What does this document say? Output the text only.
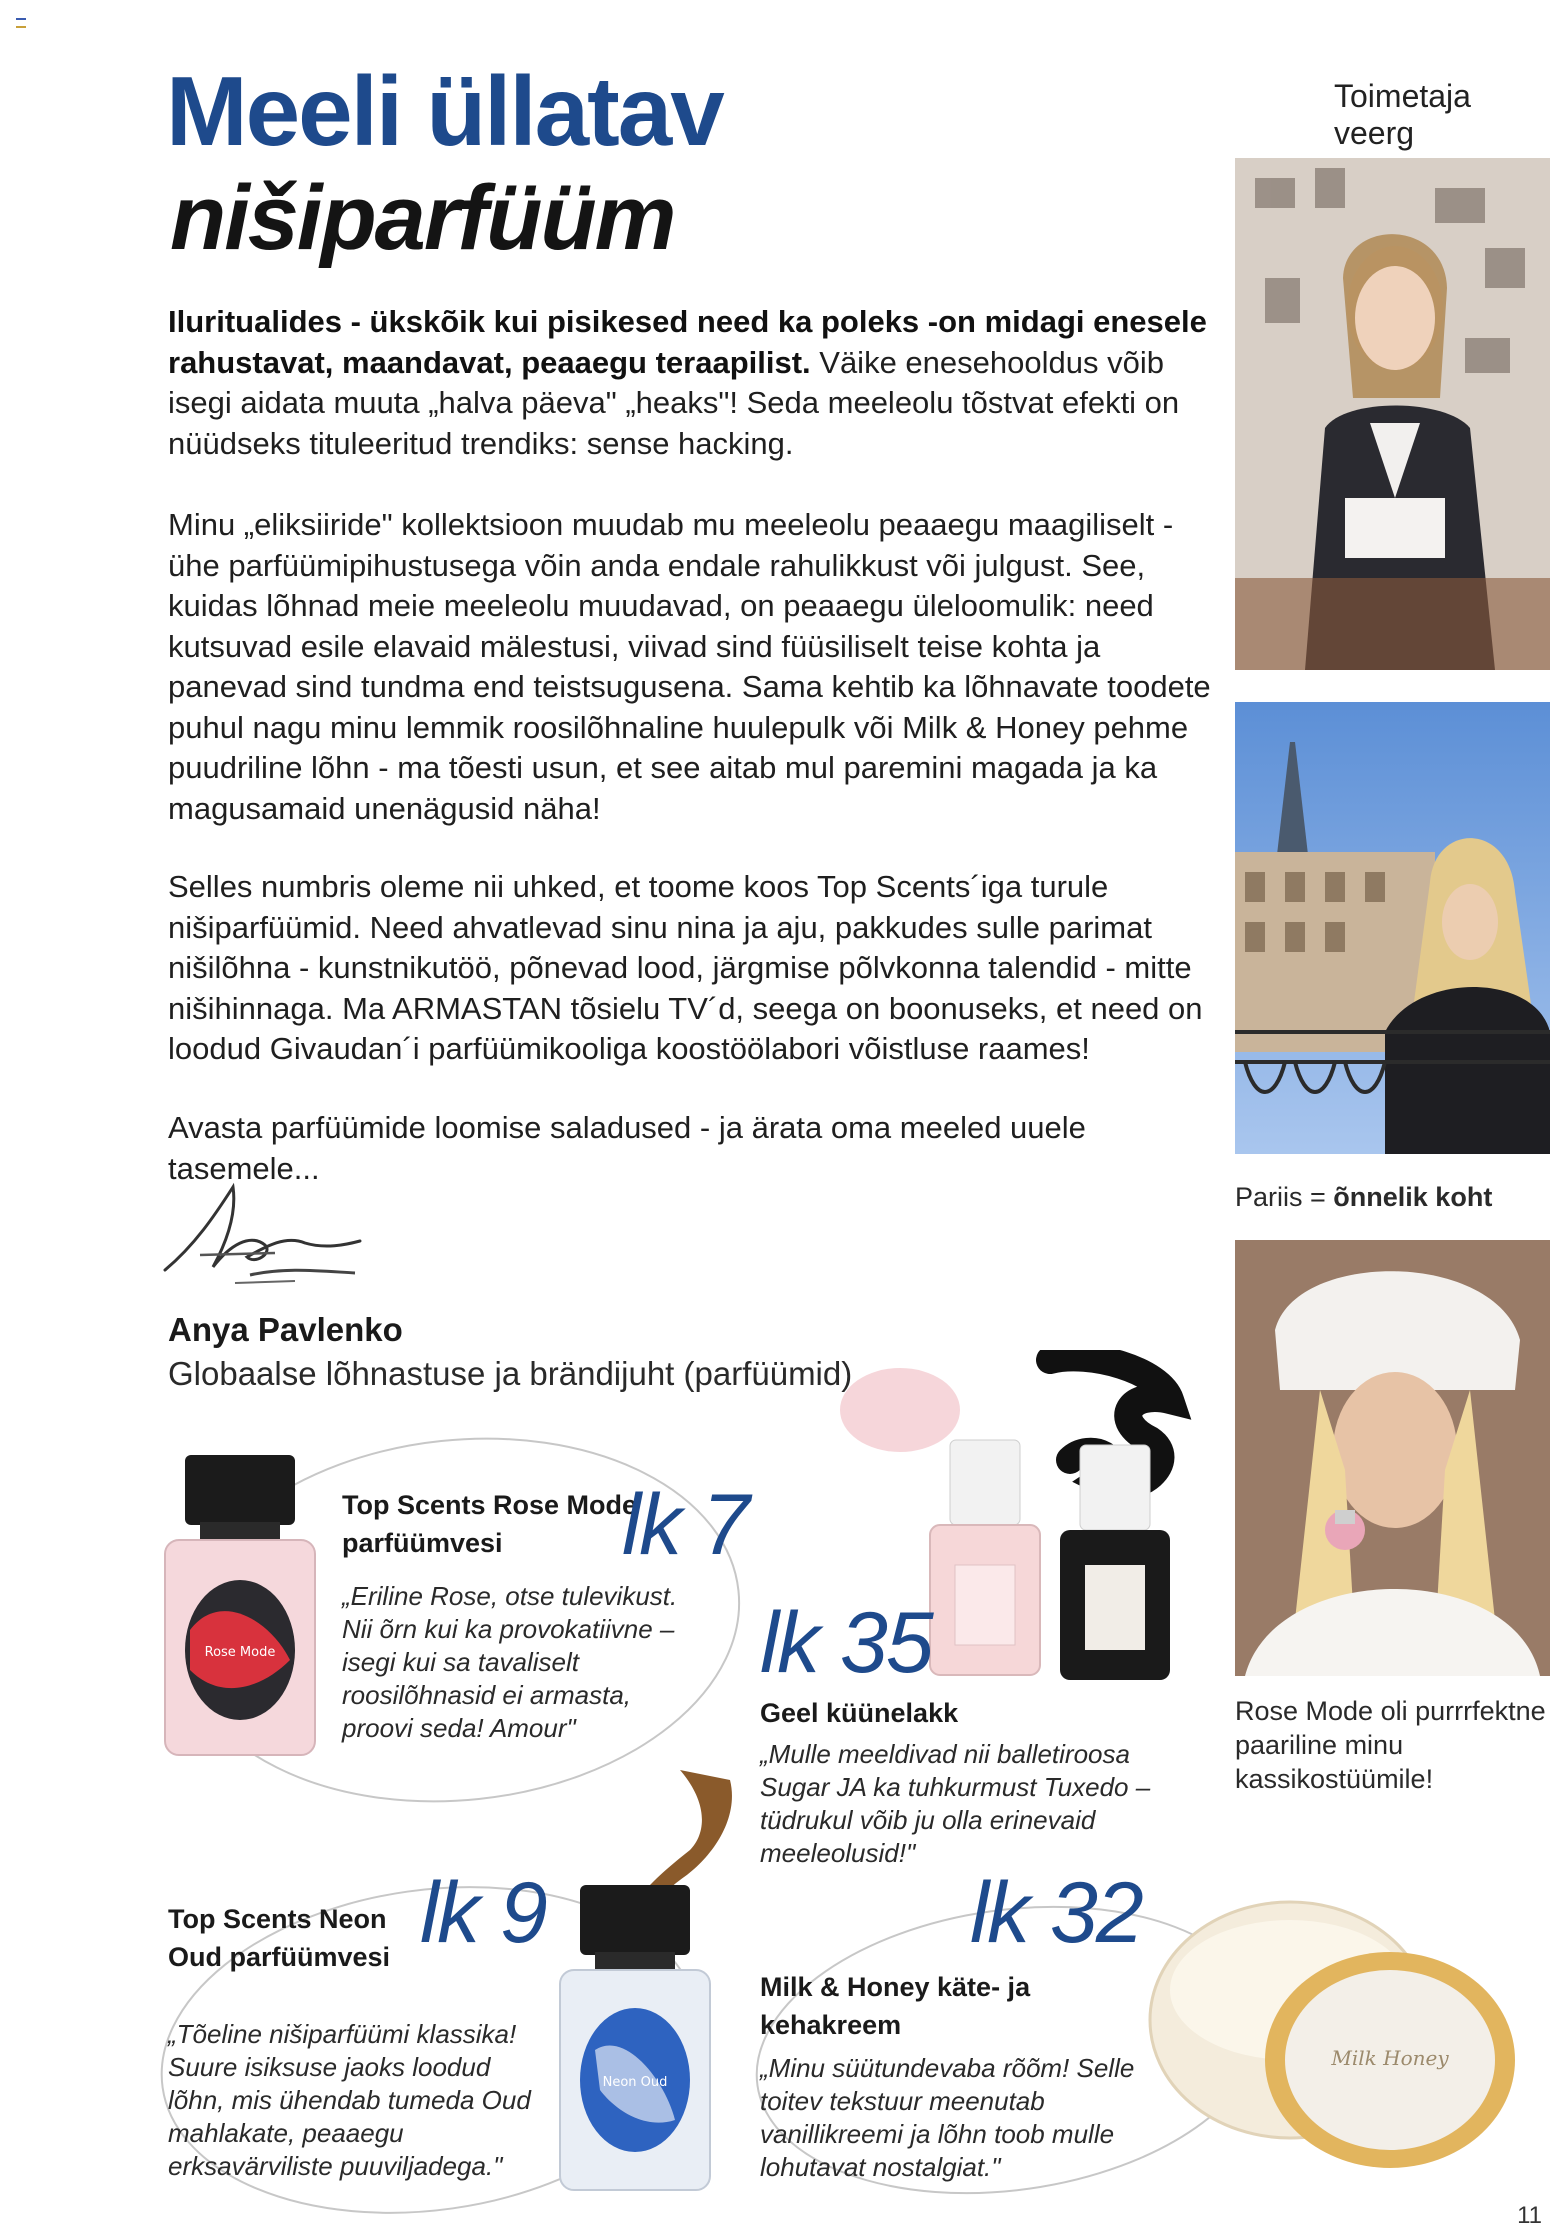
Meeli üllatav
nišiparfüüm
Toimetaja veerg

Iluritualides - ükskõik kui pisikesed need ka poleks -on midagi enesele rahustavat, maandavat, peaaegu teraapilist. Väike enesehooldus võib isegi aidata muuta „halva päeva" „heaks"! Seda meeleolu tõstvat efekti on nüüdseks tituleeritud trendiks: sense hacking.

Minu „eliksiiride" kollektsioon muudab mu meeleolu peaaegu maagiliselt - ühe parfüümipihustusega võin anda endale rahulikkust või julgust. See, kuidas lõhnad meie meeleolu muudavad, on peaaegu üleloomulik: need kutsuvad esile elavaid mälestusi, viivad sind füüsiliselt teise kohta ja panevad sind tundma end teistsugusena. Sama kehtib ka lõhnavate toodete puhul nagu minu lemmik roosilõhnaline huulepulk või Milk & Honey pehme puudriline lõhn - ma tõesti usun, et see aitab mul paremini magada ja ka magusamaid unenägusid näha!

Selles numbris oleme nii uhked, et toome koos Top Scents´iga turule nišiparfüümid. Need ahvatlevad sinu nina ja aju, pakkudes sulle parimat nišilõhna - kunstnikutöö, põnevad lood, järgmise põlvkonna talendid - mitte nišihinnaga. Ma ARMASTAN tõsielu TV´d, seega on boonuseks, et need on loodud Givaudan´i parfüümikooliga koostöölabori võistluse raames!

Avasta parfüümide loomise saladused - ja ärata oma meeled uuele tasemele...

Anya Pavlenko
Globaalse lõhnastuse ja brändijuht (parfüümid)
Pariis = õnnelik koht
Rose Mode oli purrrfektne paariline minu kassikostüümile!
Rose Mode
Top Scents Rose Mode parfüümvesi	lk 7
„Eriline Rose, otse tulevikust. Nii õrn kui ka provokatiivne – isegi kui sa tavaliselt roosilõhnasid ei armasta, proovi seda! Amour"
lk 35
Geel küünelakk
„Mulle meeldivad nii balletiroosa Sugar JA ka tuhkurmust Tuxedo – tüdrukul võib ju olla erinevaid meeleolusid!"
Top Scents Neon Oud parfüümvesi lk 9
„Tõeline nišiparfüümi klassika! Suure isiksuse jaoks loodud lõhn, mis ühendab tumeda Oud mahlakate, peaaegu erksavärviliste puuviljadega."
Neon Oud
lk 32
Milk & Honey käte- ja kehakreem
„Minu süütundevaba rõõm! Selle toitev tekstuur meenutab vanillikreemi ja lõhn toob mulle lohutavat nostalgiat."
Milk Honey
11
